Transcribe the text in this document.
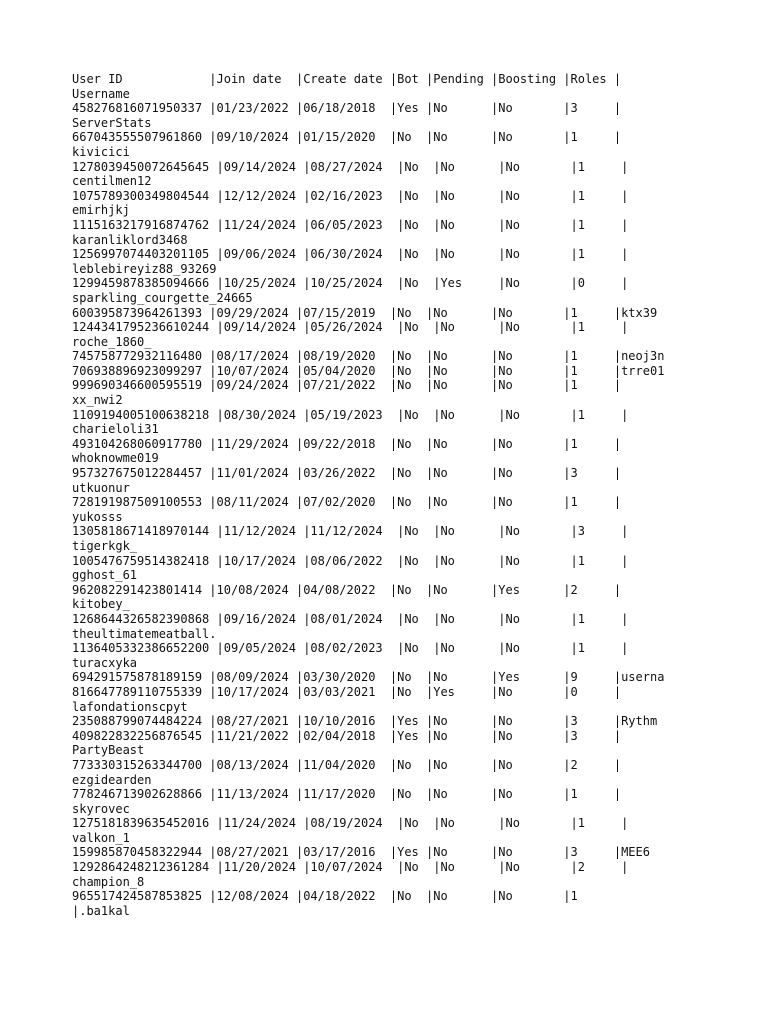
User ID            |Join date  |Create date |Bot |Pending |Boosting |Roles |
Username
458276816071950337 |01/23/2022 |06/18/2018  |Yes |No      |No       |3     |
ServerStats
667043555507961860 |09/10/2024 |01/15/2020  |No  |No      |No       |1     |
kivicici
1278039450072645645 |09/14/2024 |08/27/2024  |No  |No      |No       |1     |
centilmen12
1075789300349804544 |12/12/2024 |02/16/2023  |No  |No      |No       |1     |
emirhjkj
1115163217916874762 |11/24/2024 |06/05/2023  |No  |No      |No       |1     |
karanliklord3468
1256997074403201105 |09/06/2024 |06/30/2024  |No  |No      |No       |1     |
leblebireyiz88_93269
1299459878385094666 |10/25/2024 |10/25/2024  |No  |Yes     |No       |0     |
sparkling_courgette_24665
600395873964261393 |09/29/2024 |07/15/2019  |No  |No      |No       |1     |ktx39
1244341795236610244 |09/14/2024 |05/26/2024  |No  |No      |No       |1     |
roche_1860_
745758772932116480 |08/17/2024 |08/19/2020  |No  |No      |No       |1     |neoj3n
706938896923099297 |10/07/2024 |05/04/2020  |No  |No      |No       |1     |trre01
999690346600595519 |09/24/2024 |07/21/2022  |No  |No      |No       |1     |
xx_nwi2
1109194005100638218 |08/30/2024 |05/19/2023  |No  |No      |No       |1     |
charieloli31
493104268060917780 |11/29/2024 |09/22/2018  |No  |No      |No       |1     |
whoknowme019
957327675012284457 |11/01/2024 |03/26/2022  |No  |No      |No       |3     |
utkuonur
728191987509100553 |08/11/2024 |07/02/2020  |No  |No      |No       |1     |
yukosss
1305818671418970144 |11/12/2024 |11/12/2024  |No  |No      |No       |3     |
tigerkgk_
1005476759514382418 |10/17/2024 |08/06/2022  |No  |No      |No       |1     |
gghost_61
962082291423801414 |10/08/2024 |04/08/2022  |No  |No      |Yes      |2     |
kitobey_
1268644326582390868 |09/16/2024 |08/01/2024  |No  |No      |No       |1     |
theultimatemeatball.
1136405332386652200 |09/05/2024 |08/02/2023  |No  |No      |No       |1     |
turacxyka
694291575878189159 |08/09/2024 |03/30/2020  |No  |No      |Yes      |9     |userna
816647789110755339 |10/17/2024 |03/03/2021  |No  |Yes     |No       |0     |
lafondationscpyt
235088799074484224 |08/27/2021 |10/10/2016  |Yes |No      |No       |3     |Rythm
409822832256876545 |11/21/2022 |02/04/2018  |Yes |No      |No       |3     |
PartyBeast
773330315263344700 |08/13/2024 |11/04/2020  |No  |No      |No       |2     |
ezgidearden
778246713902628866 |11/13/2024 |11/17/2020  |No  |No      |No       |1     |
skyrovec
1275181839635452016 |11/24/2024 |08/19/2024  |No  |No      |No       |1     |
valkon_1
159985870458322944 |08/27/2021 |03/17/2016  |Yes |No      |No       |3     |MEE6
1292864248212361284 |11/20/2024 |10/07/2024  |No  |No      |No       |2     |
champion_8
965517424587853825 |12/08/2024 |04/18/2022  |No  |No      |No       |1
|.ba1kal
